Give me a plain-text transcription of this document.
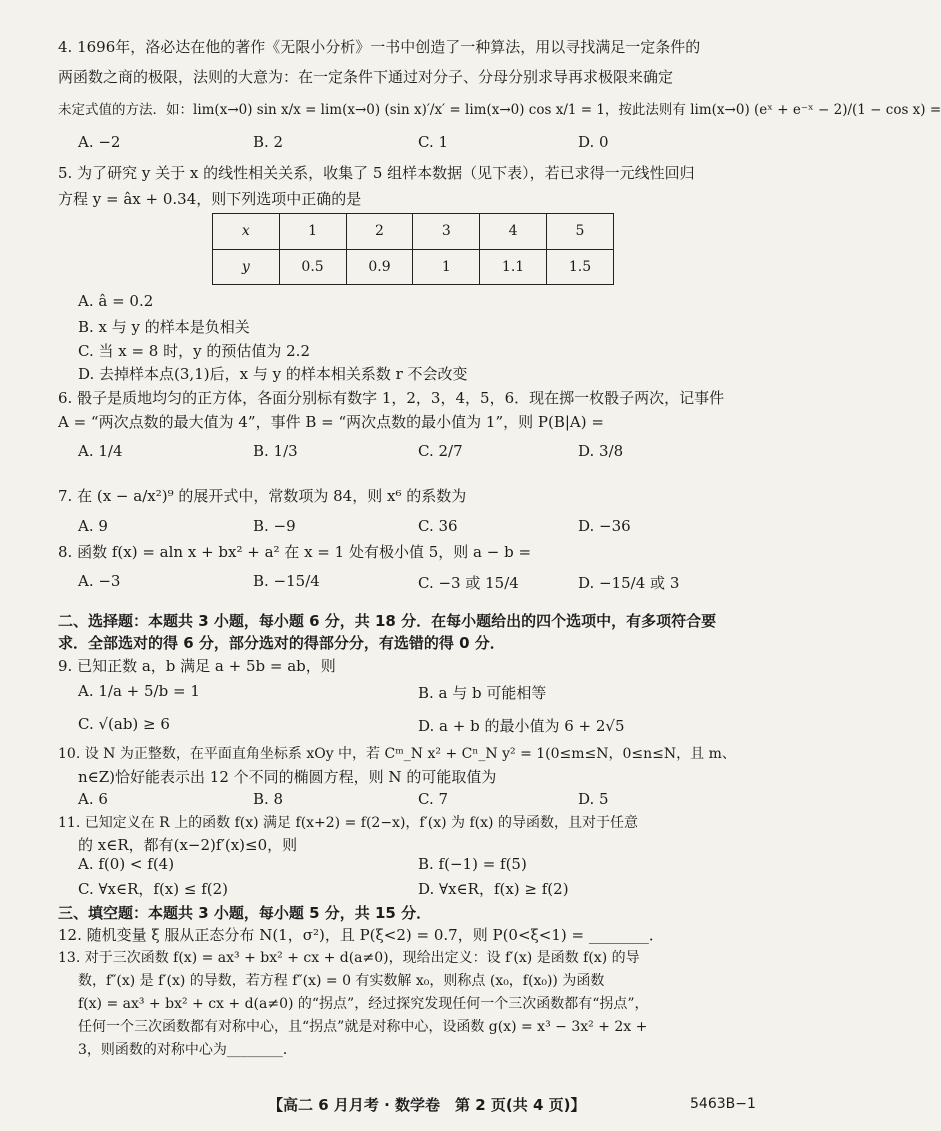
4. 1696年，洛必达在他的著作《无限小分析》一书中创造了一种算法，用以寻找满足一定条件的
两函数之商的极限，法则的大意为：在一定条件下通过对分子、分母分别求导再求极限来确定
未定式值的方法．如：lim(x→0) sin x/x = lim(x→0) (sin x)′/x′ = lim(x→0) cos x/1 = 1，按此法则有 lim(x→0) (eˣ + e⁻ˣ − 2)/(1 − cos x) =
A. −2	B. 2	C. 1	D. 0
5. 为了研究 y 关于 x 的线性相关关系，收集了 5 组样本数据（见下表），若已求得一元线性回归
方程 y = âx + 0.34，则下列选项中正确的是
x	1	2	3	4	5
y	0.5	0.9	1	1.1	1.5
A. â = 0.2
B. x 与 y 的样本是负相关
C. 当 x = 8 时，y 的预估值为 2.2
D. 去掉样本点(3,1)后，x 与 y 的样本相关系数 r 不会改变
6. 骰子是质地均匀的正方体，各面分别标有数字 1，2，3，4，5，6．现在掷一枚骰子两次，记事件
A = “两次点数的最大值为 4”，事件 B = “两次点数的最小值为 1”，则 P(B|A) =
A. 1/4	B. 1/3	C. 2/7	D. 3/8
7. 在 (x − a/x²)⁹ 的展开式中，常数项为 84，则 x⁶ 的系数为
A. 9	B. −9	C. 36	D. −36
8. 函数 f(x) = aln x + bx² + a² 在 x = 1 处有极小值 5，则 a − b =
A. −3	B. −15/4	C. −3 或 15/4	D. −15/4 或 3
二、选择题：本题共 3 小题，每小题 6 分，共 18 分．在每小题给出的四个选项中，有多项符合要
求．全部选对的得 6 分，部分选对的得部分分，有选错的得 0 分．
9. 已知正数 a，b 满足 a + 5b = ab，则
A. 1/a + 5/b = 1	B. a 与 b 可能相等
C. √(ab) ≥ 6	D. a + b 的最小值为 6 + 2√5
10. 设 N 为正整数，在平面直角坐标系 xOy 中，若 Cᵐ_N x² + Cⁿ_N y² = 1(0≤m≤N，0≤n≤N，且 m、
n∈Z)恰好能表示出 12 个不同的椭圆方程，则 N 的可能取值为
A. 6	B. 8	C. 7	D. 5
11. 已知定义在 R 上的函数 f(x) 满足 f(x+2) = f(2−x)，f′(x) 为 f(x) 的导函数，且对于任意
的 x∈R，都有(x−2)f′(x)≤0，则
A. f(0) < f(4)	B. f(−1) = f(5)
C. ∀x∈R，f(x) ≤ f(2)	D. ∀x∈R，f(x) ≥ f(2)
三、填空题：本题共 3 小题，每小题 5 分，共 15 分．
12. 随机变量 ξ 服从正态分布 N(1，σ²)，且 P(ξ<2) = 0.7，则 P(0<ξ<1) = ________．
13. 对于三次函数 f(x) = ax³ + bx² + cx + d(a≠0)，现给出定义：设 f′(x) 是函数 f(x) 的导
数，f″(x) 是 f′(x) 的导数，若方程 f″(x) = 0 有实数解 x₀，则称点 (x₀，f(x₀)) 为函数
f(x) = ax³ + bx² + cx + d(a≠0) 的“拐点”，经过探究发现任何一个三次函数都有“拐点”，
任何一个三次函数都有对称中心，且“拐点”就是对称中心，设函数 g(x) = x³ − 3x² + 2x +
3，则函数的对称中心为________．
【高二 6 月月考 · 数学卷　第 2 页(共 4 页)】	5463B−1
